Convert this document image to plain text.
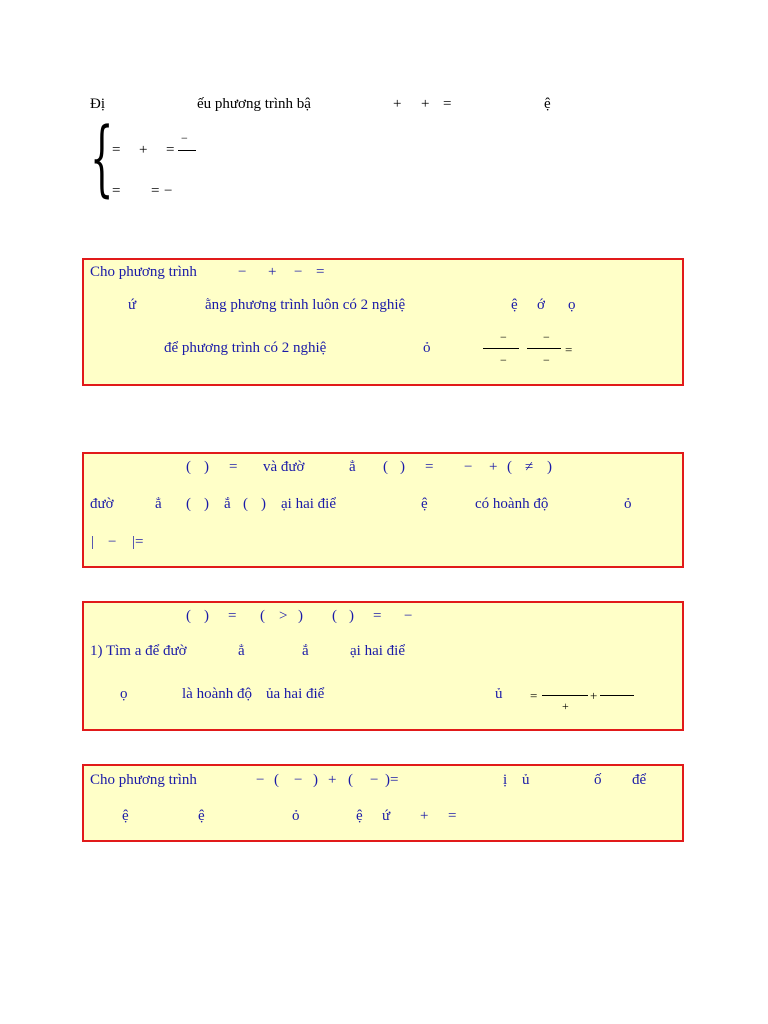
Đị	ếu phương trình bậ	+ + =	ệ
{
= + =
−
= = −
Cho phương trình	− + − =
ứ	ằng phương trình luôn có 2 nghiệ	ệ ớ ọ
để phương trình có 2 nghiệ	ỏ
−
−
−
−
=
( ) = và đườ	ẳ ( ) = − + ( ≠ )
đườ	ẳ ( ) ắ ( ) ại hai điể	ệ	có hoành độ	ỏ
| − |=
( ) = ( > ) ( ) = −
1) Tìm a để đườ	ẳ	ắ	ại hai điể
ọ	là hoành độ ủa hai điể	ủ =
+
+
Cho phương trình	− ( − ) + ( − )=	ị ủ	ố để
ệ	ệ	ỏ	ệ ứ + =
